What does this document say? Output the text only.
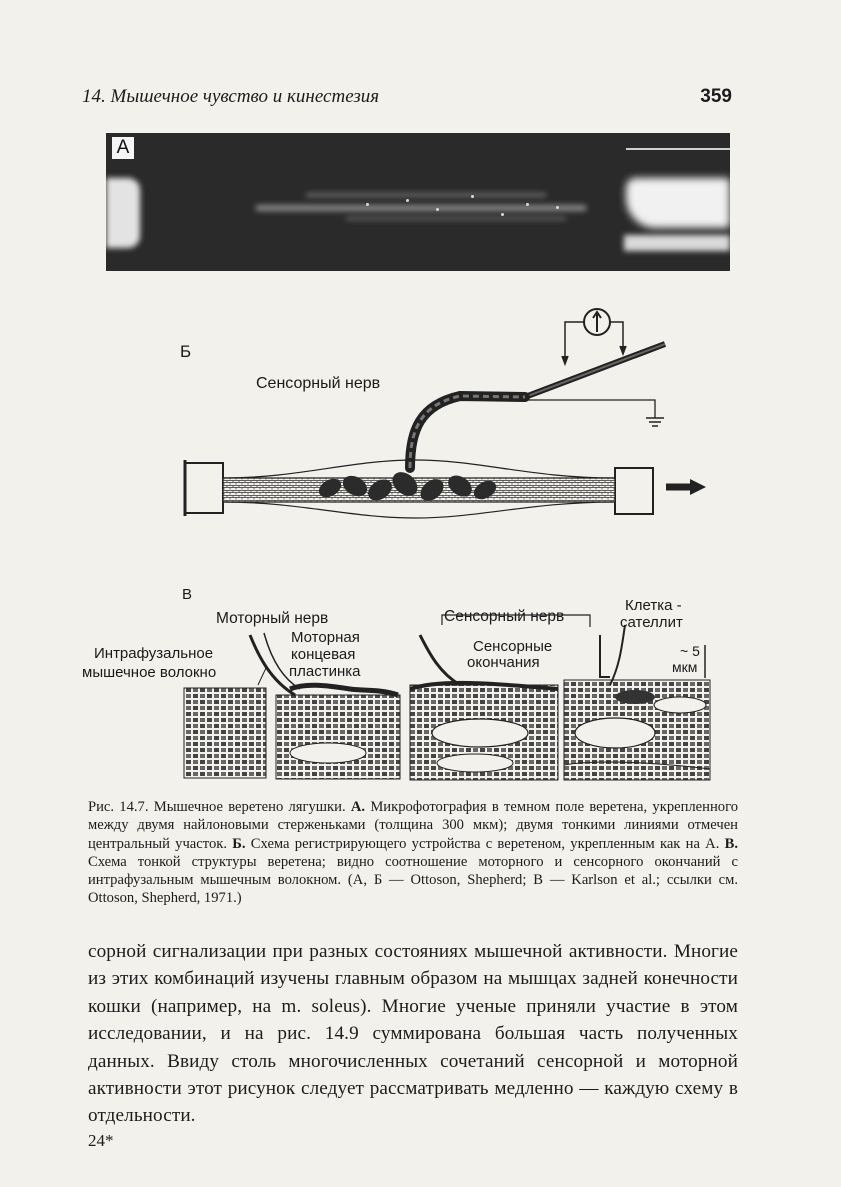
14. Мышечное чувство и кинестезия	359
А
Б
Сенсорный нерв
В
Моторный нерв
Моторная
концевая
пластинка
Интрафузальное
мышечное волокно
Сенсорный нерв
Сенсорные
окончания
Клетка -
сателлит
~ 5
мкм

Рис. 14.7. Мышечное веретено лягушки. А. Микрофотография в темном поле веретена, укрепленного между двумя найлоновыми стерженьками (толщина 300 мкм); двумя тонкими линиями отмечен центральный участок. Б. Схема регистрирующего устройства с веретеном, укрепленным как на А. В. Схема тонкой структуры веретена; видно соотношение моторного и сенсорного окончаний с интрафузальным мышечным волокном. (А, Б — Ottoson, Shepherd; В — Karlson et al.; ссылки см. Ottoson, Shepherd, 1971.)

сорной сигнализации при разных состояниях мышечной активности. Многие из этих комбинаций изучены главным образом на мышцах задней конечности кошки (например, на m. soleus). Многие ученые приняли участие в этом исследовании, и на рис. 14.9 суммирована большая часть полученных данных. Ввиду столь многочисленных сочетаний сенсорной и моторной активности этот рисунок следует рассматривать медленно — каждую схему в отдельности.

24*
